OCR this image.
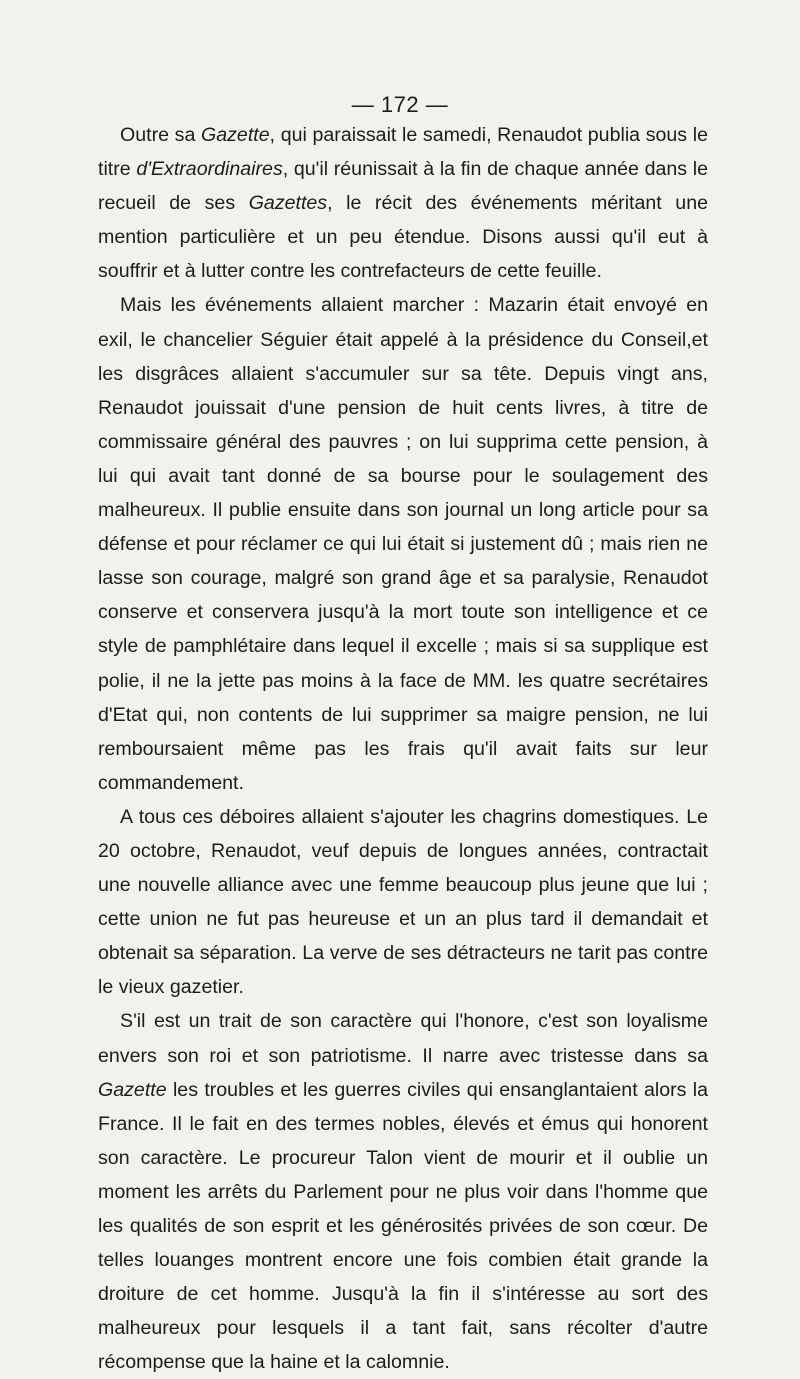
— 172 —

Outre sa Gazette, qui paraissait le samedi, Renaudot publia sous le titre d'Extraordinaires, qu'il réunissait à la fin de chaque année dans le recueil de ses Gazettes, le récit des événements méritant une mention particulière et un peu étendue. Disons aussi qu'il eut à souffrir et à lutter contre les contrefacteurs de cette feuille.

Mais les événements allaient marcher : Mazarin était envoyé en exil, le chancelier Séguier était appelé à la présidence du Conseil,et les disgrâces allaient s'accumuler sur sa tête. Depuis vingt ans, Renaudot jouissait d'une pension de huit cents livres, à titre de commissaire général des pauvres ; on lui supprima cette pension, à lui qui avait tant donné de sa bourse pour le soulagement des malheureux. Il publie ensuite dans son journal un long article pour sa défense et pour réclamer ce qui lui était si justement dû ; mais rien ne lasse son courage, malgré son grand âge et sa paralysie, Renaudot conserve et conservera jusqu'à la mort toute son intelligence et ce style de pamphlétaire dans lequel il excelle ; mais si sa supplique est polie, il ne la jette pas moins à la face de MM. les quatre secrétaires d'Etat qui, non contents de lui supprimer sa maigre pension, ne lui remboursaient même pas les frais qu'il avait faits sur leur commandement.

A tous ces déboires allaient s'ajouter les chagrins domestiques. Le 20 octobre, Renaudot, veuf depuis de longues années, contractait une nouvelle alliance avec une femme beaucoup plus jeune que lui ; cette union ne fut pas heureuse et un an plus tard il demandait et obtenait sa séparation. La verve de ses détracteurs ne tarit pas contre le vieux gazetier.

S'il est un trait de son caractère qui l'honore, c'est son loyalisme envers son roi et son patriotisme. Il narre avec tristesse dans sa Gazette les troubles et les guerres civiles qui ensanglantaient alors la France. Il le fait en des termes nobles, élevés et émus qui honorent son caractère. Le procureur Talon vient de mourir et il oublie un moment les arrêts du Parlement pour ne plus voir dans l'homme que les qualités de son esprit et les générosités privées de son cœur. De telles louanges montrent encore une fois combien était grande la droiture de cet homme. Jusqu'à la fin il s'intéresse au sort des malheureux pour lesquels il a tant fait, sans récolter d'autre récompense que la haine et la calomnie.
